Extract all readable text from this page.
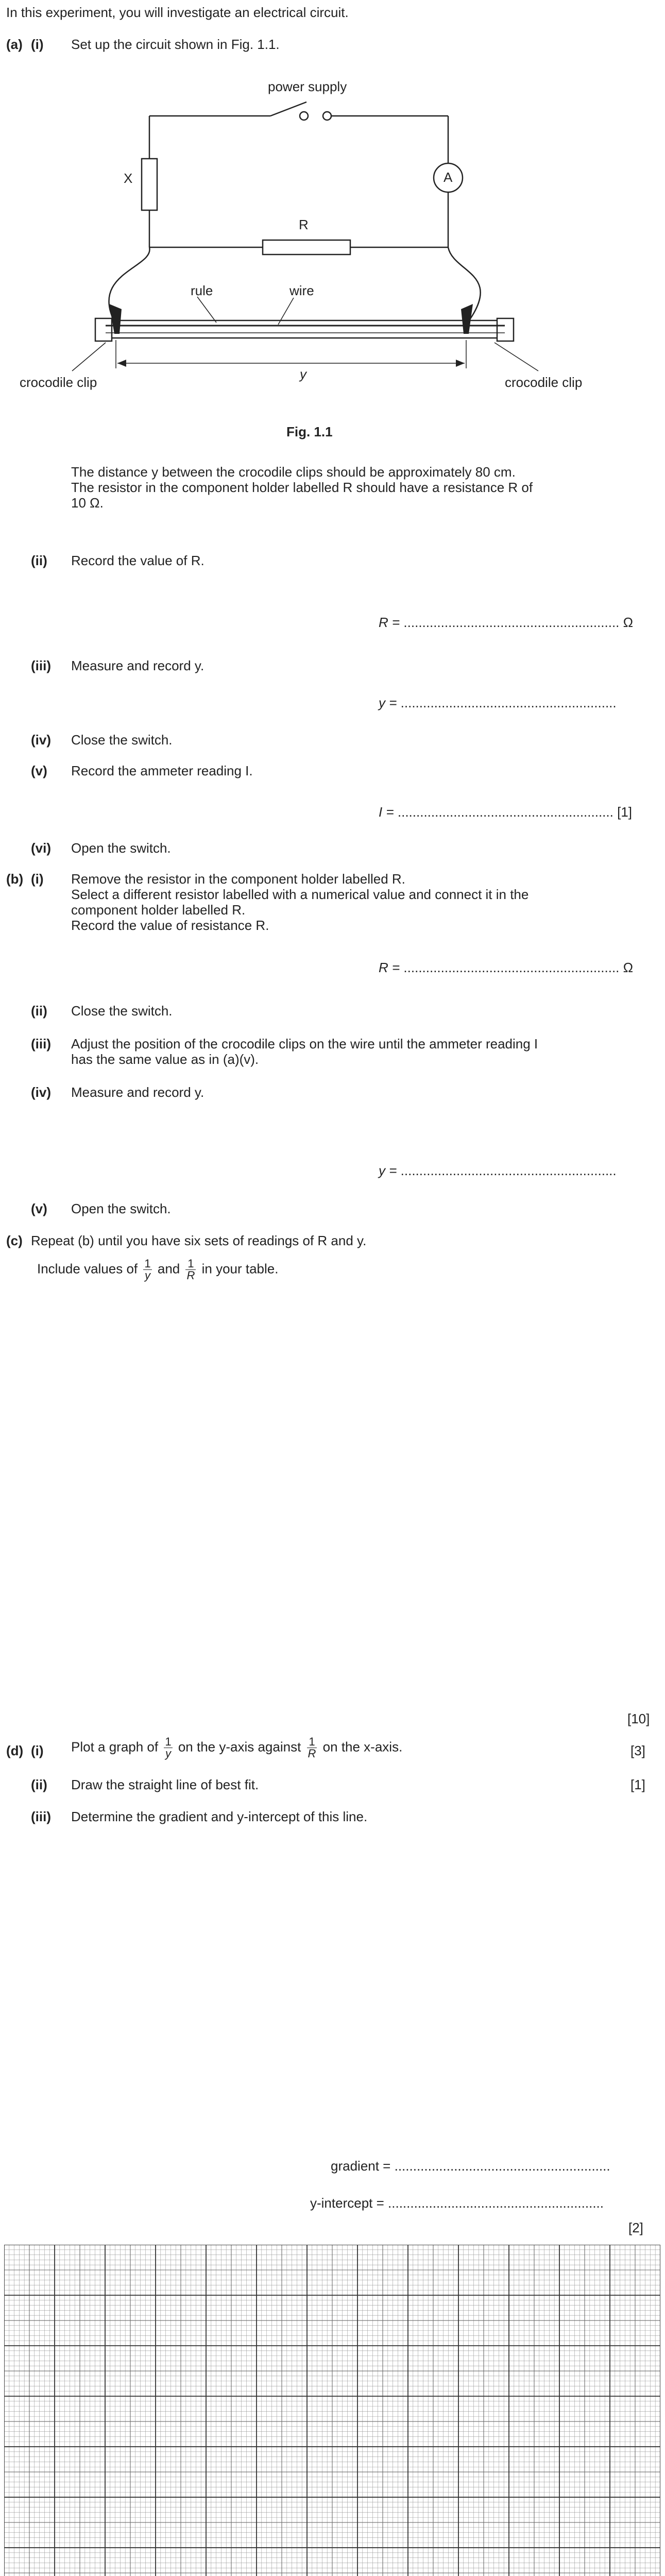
In this experiment, you will investigate an electrical circuit.
(a) (i) Set up the circuit shown in Fig. 1.1.
power supply
X
R
A
rule	wire
y
crocodile clip	crocodile clip
Fig. 1.1
The distance y between the crocodile clips should be approximately 80 cm.
The resistor in the component holder labelled R should have a resistance R of
10 Ω.
(ii) Record the value of R.
R = .......................................................... Ω
(iii) Measure and record y.
y = ..........................................................
(iv) Close the switch.
(v) Record the ammeter reading I.
I = .......................................................... [1]
(vi) Open the switch.
(b) (i) Remove the resistor in the component holder labelled R.
Select a different resistor labelled with a numerical value and connect it in the
component holder labelled R.
Record the value of resistance R.
R = .......................................................... Ω
(ii) Close the switch.
(iii) Adjust the position of the crocodile clips on the wire until the ammeter reading I
has the same value as in (a)(v).
(iv) Measure and record y.
y = ..........................................................
(v) Open the switch.
(c) Repeat (b) until you have six sets of readings of R and y.
Include values of $\frac{1}{y}$ and $\frac{1}{R}$ in your table.
[10]
(d) (i) Plot a graph of $\frac{1}{y}$ on the y-axis against $\frac{1}{R}$ on the x-axis.	[3]
(ii) Draw the straight line of best fit.	[1]
(iii) Determine the gradient and y-intercept of this line.
gradient = ..........................................................
y-intercept = ..........................................................
[2]
